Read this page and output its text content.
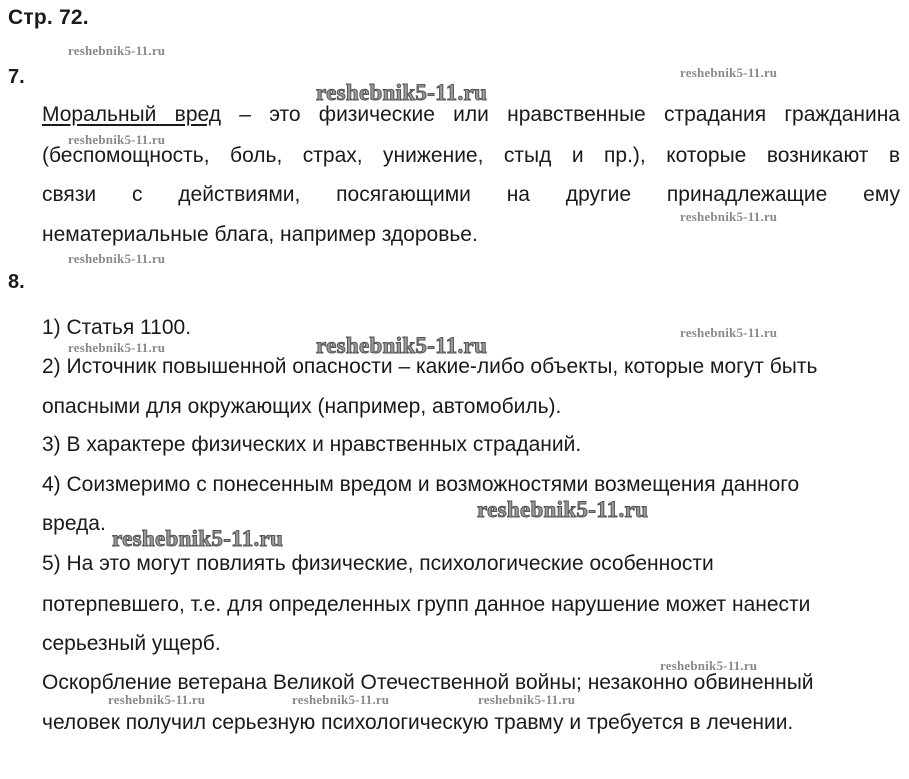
Стр. 72.
7.
Моральный вред – это физические или нравственные страдания гражданина
(беспомощность, боль, страх, унижение, стыд и пр.), которые возникают в
связи с действиями, посягающими на другие принадлежащие ему
нематериальные блага, например здоровье.
8.
1) Статья 1100.
2) Источник повышенной опасности – какие-либо объекты, которые могут быть
опасными для окружающих (например, автомобиль).
3) В характере физических и нравственных страданий.
4) Соизмеримо с понесенным вредом и возможностями возмещения данного
вреда.
5) На это могут повлиять физические, психологические особенности
потерпевшего, т.е. для определенных групп данное нарушение может нанести
серьезный ущерб.
Оскорбление ветерана Великой Отечественной войны; незаконно обвиненный
человек получил серьезную психологическую травму и требуется в лечении.
reshebnik5-11.ru
reshebnik5-11.ru
reshebnik5-11.ru
reshebnik5-11.ru
reshebnik5-11.ru
reshebnik5-11.ru
reshebnik5-11.ru
reshebnik5-11.ru
reshebnik5-11.ru	reshebnik5-11.ru	reshebnik5-11.ru
reshebnik5-11.ru
reshebnik5-11.ru
reshebnik5-11.ru
reshebnik5-11.ru
